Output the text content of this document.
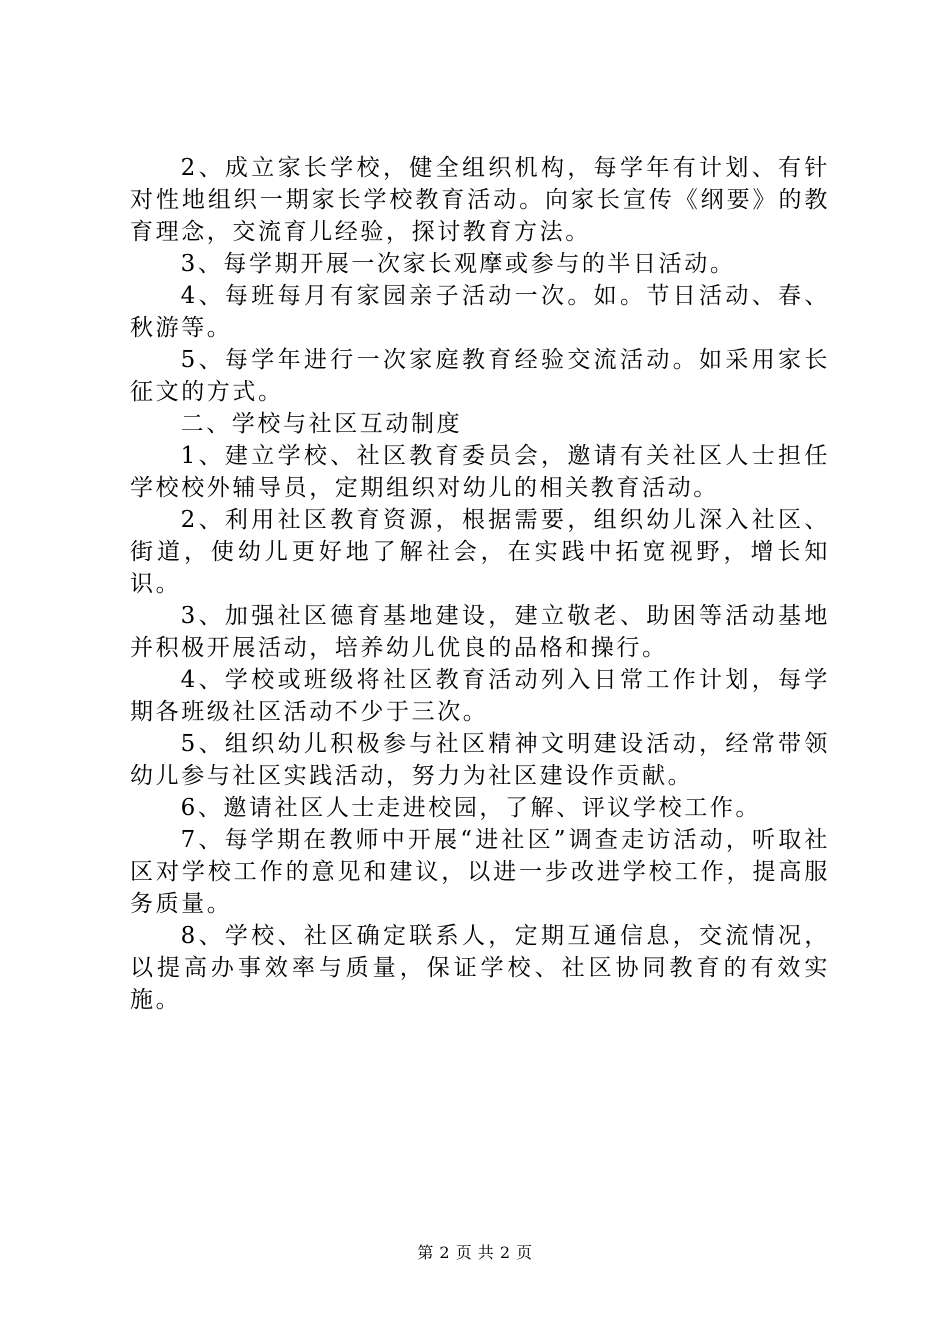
2、成立家长学校，健全组织机构，每学年有计划、有针对性地组织一期家长学校教育活动。向家长宣传《纲要》的教育理念，交流育儿经验，探讨教育方法。

3、每学期开展一次家长观摩或参与的半日活动。

4、每班每月有家园亲子活动一次。如。节日活动、春、秋游等。

5、每学年进行一次家庭教育经验交流活动。如采用家长征文的方式。

二、学校与社区互动制度

1、建立学校、社区教育委员会，邀请有关社区人士担任学校校外辅导员，定期组织对幼儿的相关教育活动。

2、利用社区教育资源，根据需要，组织幼儿深入社区、街道，使幼儿更好地了解社会，在实践中拓宽视野，增长知识。

3、加强社区德育基地建设，建立敬老、助困等活动基地并积极开展活动，培养幼儿优良的品格和操行。

4、学校或班级将社区教育活动列入日常工作计划，每学期各班级社区活动不少于三次。

5、组织幼儿积极参与社区精神文明建设活动，经常带领幼儿参与社区实践活动，努力为社区建设作贡献。

6、邀请社区人士走进校园，了解、评议学校工作。

7、每学期在教师中开展“进社区”调查走访活动，听取社区对学校工作的意见和建议，以进一步改进学校工作，提高服务质量。

8、学校、社区确定联系人，定期互通信息，交流情况，以提高办事效率与质量，保证学校、社区协同教育的有效实施。

第 2 页 共 2 页
